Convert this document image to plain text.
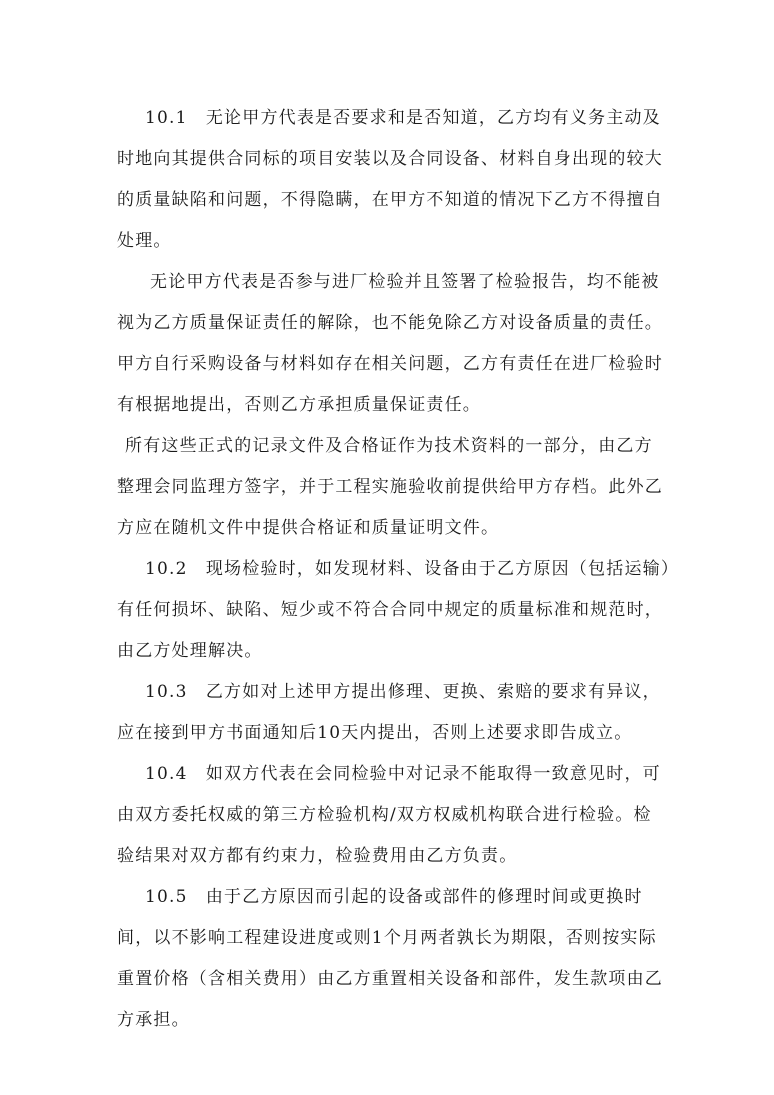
10.1　无论甲方代表是否要求和是否知道，乙方均有义务主动及
时地向其提供合同标的项目安装以及合同设备、材料自身出现的较大
的质量缺陷和问题，不得隐瞒，在甲方不知道的情况下乙方不得擅自
处理。
无论甲方代表是否参与进厂检验并且签署了检验报告，均不能被
视为乙方质量保证责任的解除，也不能免除乙方对设备质量的责任。
甲方自行采购设备与材料如存在相关问题，乙方有责任在进厂检验时
有根据地提出，否则乙方承担质量保证责任。
所有这些正式的记录文件及合格证作为技术资料的一部分，由乙方
整理会同监理方签字，并于工程实施验收前提供给甲方存档。此外乙
方应在随机文件中提供合格证和质量证明文件。
10.2　现场检验时，如发现材料、设备由于乙方原因（包括运输）
有任何损坏、缺陷、短少或不符合合同中规定的质量标准和规范时，
由乙方处理解决。
10.3　乙方如对上述甲方提出修理、更换、索赔的要求有异议，
应在接到甲方书面通知后10天内提出，否则上述要求即告成立。
10.4　如双方代表在会同检验中对记录不能取得一致意见时，可
由双方委托权威的第三方检验机构/双方权威机构联合进行检验。检
验结果对双方都有约束力，检验费用由乙方负责。
10.5　由于乙方原因而引起的设备或部件的修理时间或更换时
间，以不影响工程建设进度或则1个月两者孰长为期限，否则按实际
重置价格（含相关费用）由乙方重置相关设备和部件，发生款项由乙
方承担。
